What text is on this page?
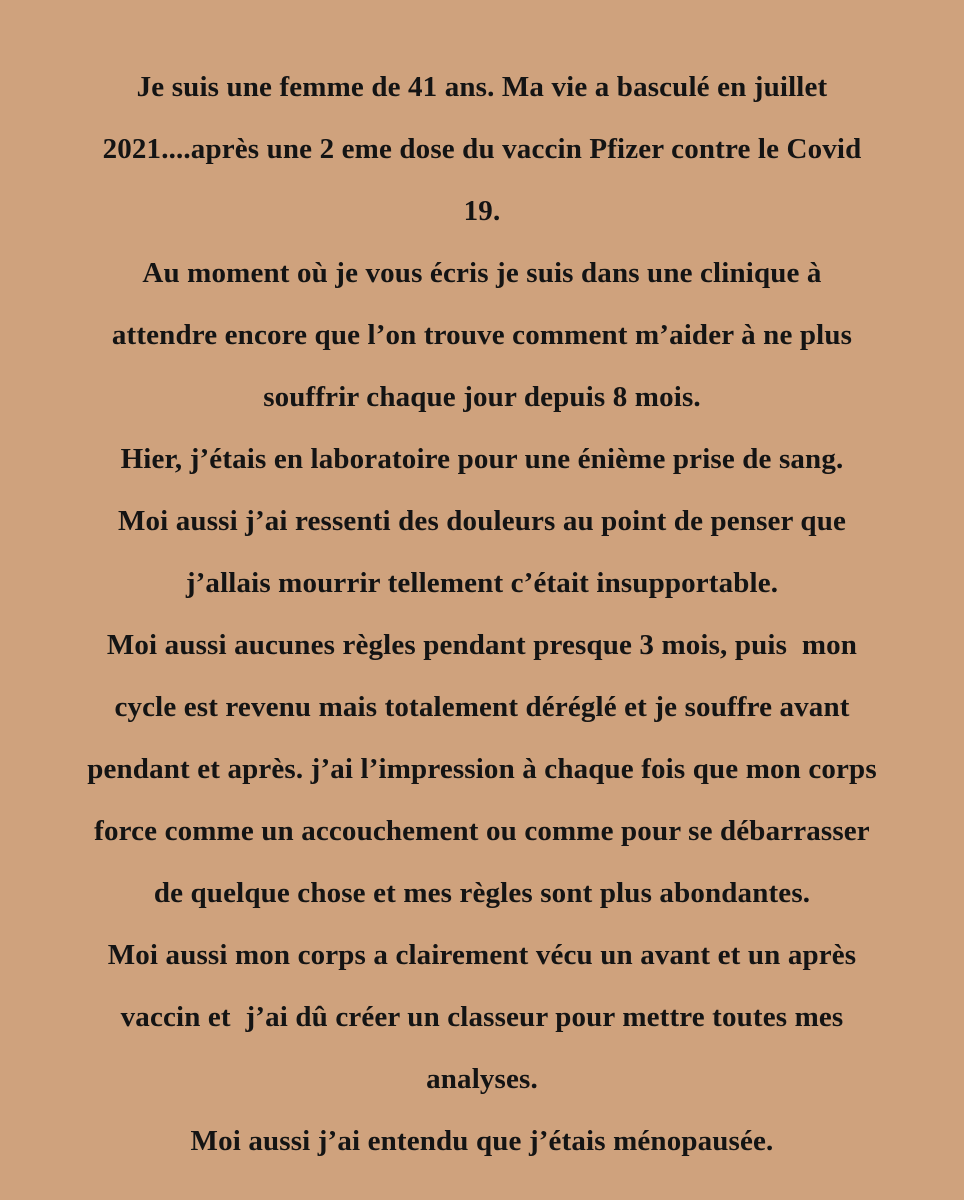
Je suis une femme de 41 ans. Ma vie a basculé en juillet
2021....après une 2 eme dose du vaccin Pfizer contre le Covid
19.
Au moment où je vous écris je suis dans une clinique à
attendre encore que l’on trouve comment m’aider à ne plus
souffrir chaque jour depuis 8 mois.
Hier, j’étais en laboratoire pour une énième prise de sang.
Moi aussi j’ai ressenti des douleurs au point de penser que
j’allais mourrir tellement c’était insupportable.
Moi aussi aucunes règles pendant presque 3 mois, puis  mon
cycle est revenu mais totalement déréglé et je souffre avant
pendant et après. j’ai l’impression à chaque fois que mon corps
force comme un accouchement ou comme pour se débarrasser
de quelque chose et mes règles sont plus abondantes.
Moi aussi mon corps a clairement vécu un avant et un après
vaccin et  j’ai dû créer un classeur pour mettre toutes mes
analyses.
Moi aussi j’ai entendu que j’étais ménopausée.
